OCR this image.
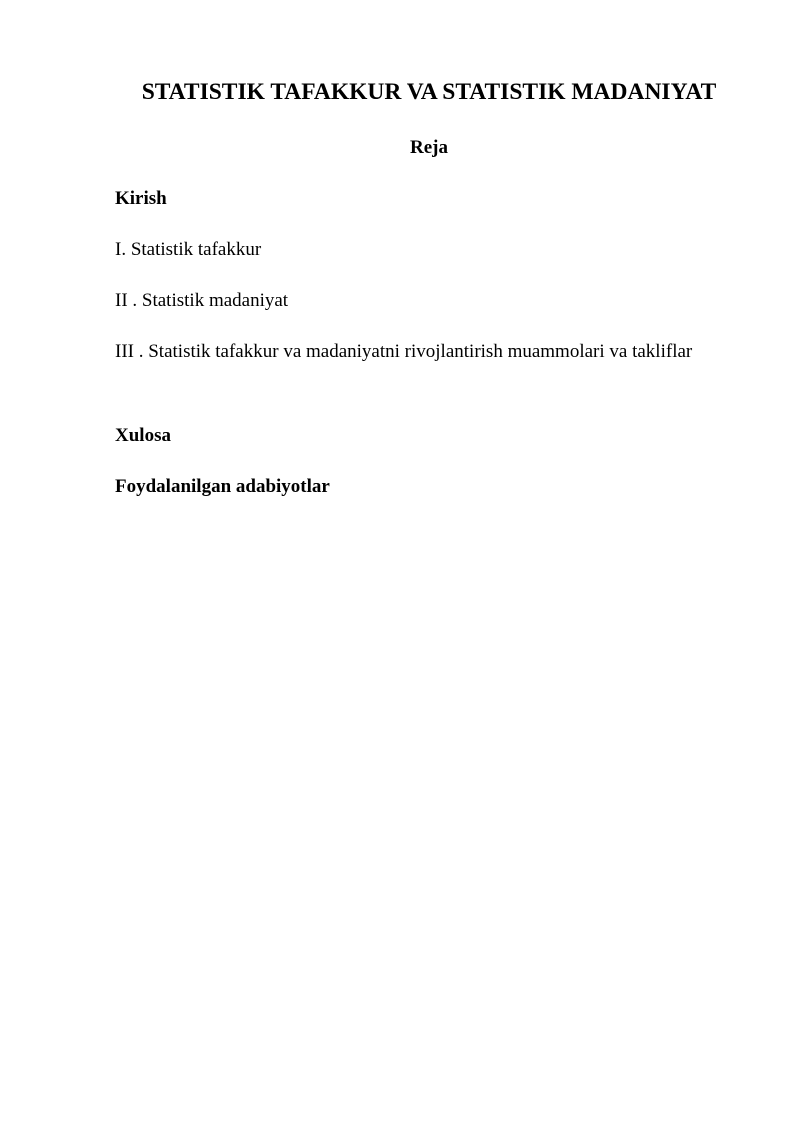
STATISTIK TAFAKKUR VA STATISTIK MADANIYAT
Reja

Kirish

I. Statistik tafakkur

II . Statistik madaniyat

III . Statistik tafakkur va madaniyatni rivojlantirish muammolari va takliflar

Xulosa

Foydalanilgan adabiyotlar
